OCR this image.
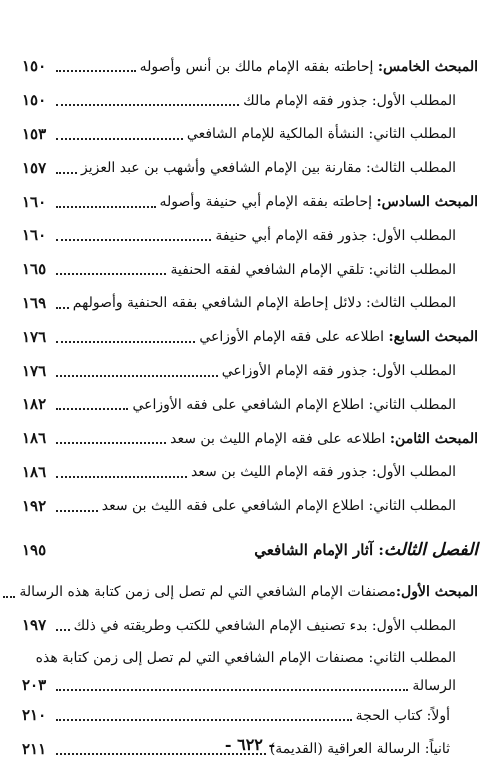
المبحث الخامس: إحاطته بفقه الإمام مالك بن أنس وأصوله
١٥٠
المطلب الأول: جذور فقه الإمام مالك
١٥٠
المطلب الثاني: النشأة المالكية للإمام الشافعي
١٥٣
المطلب الثالث: مقارنة بين الإمام الشافعي وأشهب بن عبد العزيز
١٥٧
المبحث السادس: إحاطته بفقه الإمام أبي حنيفة وأصوله
١٦٠
المطلب الأول: جذور فقه الإمام أبي حنيفة
١٦٠
المطلب الثاني: تلقي الإمام الشافعي لفقه الحنفية
١٦٥
المطلب الثالث: دلائل إحاطة الإمام الشافعي بفقه الحنفية وأصولهم
١٦٩
المبحث السابع: اطلاعه على فقه الإمام الأوزاعي
١٧٦
المطلب الأول: جذور فقه الإمام الأوزاعي
١٧٦
المطلب الثاني: اطلاع الإمام الشافعي على فقه الأوزاعي
١٨٢
المبحث الثامن: اطلاعه على فقه الإمام الليث بن سعد
١٨٦
المطلب الأول: جذور فقه الإمام الليث بن سعد
١٨٦
المطلب الثاني: اطلاع الإمام الشافعي على فقه الليث بن سعد
١٩٢
الفصل الثالث
: آثار الإمام الشافعي
١٩٥
المبحث الأول:مصنفات الإمام الشافعي التي لم تصل إلى زمن كتابة هذه الرسالة
المطلب الأول: بدء تصنيف الإمام الشافعي للكتب وطريقته في ذلك
١٩٧
المطلب الثاني: مصنفات الإمام الشافعي التي لم تصل إلى زمن كتابة هذه
الرسالة
٢٠٣
أولاً: كتاب الحجة
٢١٠
ثانياً: الرسالة العراقية (القديمة)
٢١١	- ٦٢٢ -
